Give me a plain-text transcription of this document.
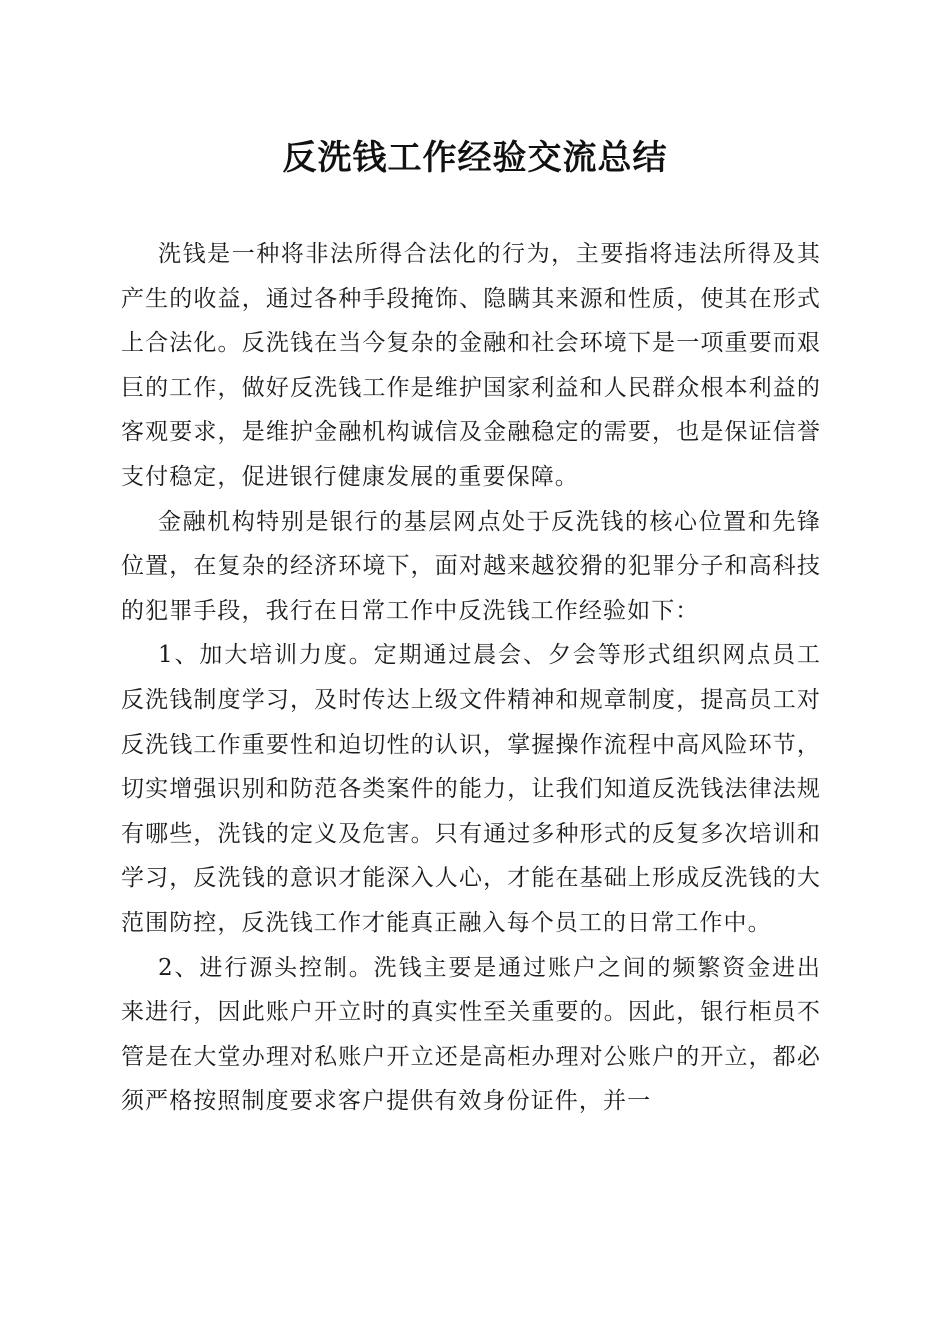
反洗钱工作经验交流总结

洗钱是一种将非法所得合法化的行为，主要指将违法所得及其产生的收益，通过各种手段掩饰、隐瞒其来源和性质，使其在形式上合法化。反洗钱在当今复杂的金融和社会环境下是一项重要而艰巨的工作，做好反洗钱工作是维护国家利益和人民群众根本利益的客观要求，是维护金融机构诚信及金融稳定的需要，也是保证信誉支付稳定，促进银行健康发展的重要保障。

金融机构特别是银行的基层网点处于反洗钱的核心位置和先锋位置，在复杂的经济环境下，面对越来越狡猾的犯罪分子和高科技的犯罪手段，我行在日常工作中反洗钱工作经验如下：

1、加大培训力度。定期通过晨会、夕会等形式组织网点员工反洗钱制度学习，及时传达上级文件精神和规章制度，提高员工对反洗钱工作重要性和迫切性的认识，掌握操作流程中高风险环节，切实增强识别和防范各类案件的能力，让我们知道反洗钱法律法规有哪些，洗钱的定义及危害。只有通过多种形式的反复多次培训和学习，反洗钱的意识才能深入人心，才能在基础上形成反洗钱的大范围防控，反洗钱工作才能真正融入每个员工的日常工作中。

2、进行源头控制。洗钱主要是通过账户之间的频繁资金进出来进行，因此账户开立时的真实性至关重要的。因此，银行柜员不管是在大堂办理对私账户开立还是高柜办理对公账户的开立，都必须严格按照制度要求客户提供有效身份证件，并一
